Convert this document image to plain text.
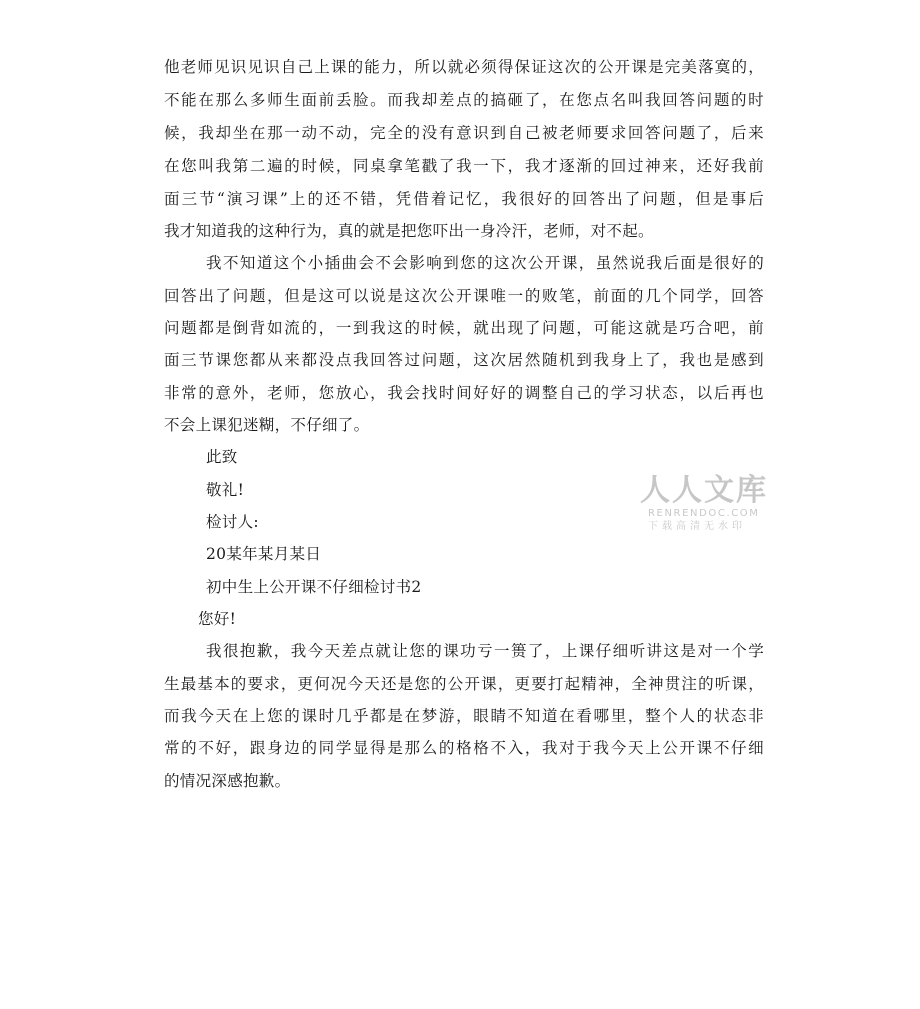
他老师见识见识自己上课的能力，所以就必须得保证这次的公开课是完美落寞的，
不能在那么多师生面前丢脸。而我却差点的搞砸了，在您点名叫我回答问题的时
候，我却坐在那一动不动，完全的没有意识到自己被老师要求回答问题了，后来
在您叫我第二遍的时候，同桌拿笔戳了我一下，我才逐渐的回过神来，还好我前
面三节“演习课”上的还不错，凭借着记忆，我很好的回答出了问题，但是事后
我才知道我的这种行为，真的就是把您吓出一身冷汗，老师，对不起。
我不知道这个小插曲会不会影响到您的这次公开课，虽然说我后面是很好的
回答出了问题，但是这可以说是这次公开课唯一的败笔，前面的几个同学，回答
问题都是倒背如流的，一到我这的时候，就出现了问题，可能这就是巧合吧，前
面三节课您都从来都没点我回答过问题，这次居然随机到我身上了，我也是感到
非常的意外，老师，您放心，我会找时间好好的调整自己的学习状态，以后再也
不会上课犯迷糊，不仔细了。
此致
敬礼!
检讨人:
20某年某月某日
初中生上公开课不仔细检讨书2
您好!
我很抱歉，我今天差点就让您的课功亏一篑了，上课仔细听讲这是对一个学
生最基本的要求，更何况今天还是您的公开课，更要打起精神，全神贯注的听课，
而我今天在上您的课时几乎都是在梦游，眼睛不知道在看哪里，整个人的状态非
常的不好，跟身边的同学显得是那么的格格不入，我对于我今天上公开课不仔细
的情况深感抱歉。
人人文库
RENRENDOC.COM
下载高清无水印
